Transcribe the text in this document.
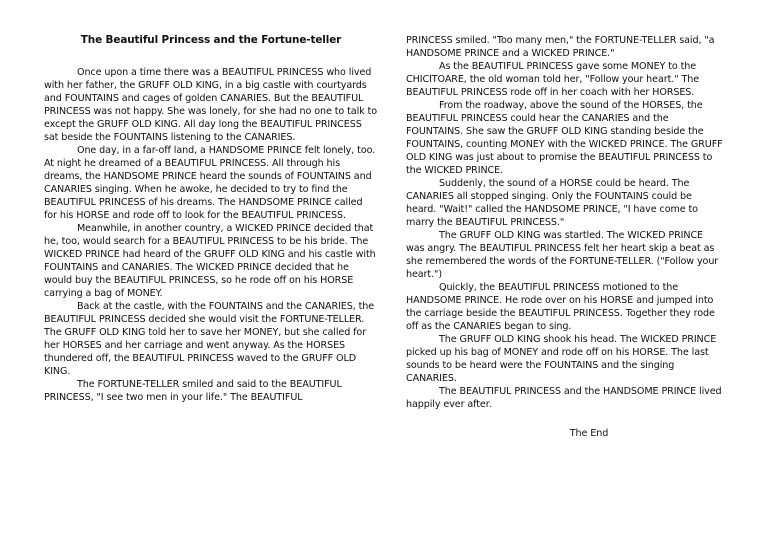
The Beautiful Princess and the Fortune-teller

Once upon a time there was a BEAUTIFUL PRINCESS who lived with her father, the GRUFF OLD KING, in a big castle with courtyards and FOUNTAINS and cages of golden CANARIES. But the BEAUTIFUL PRINCESS was not happy. She was lonely, for she had no one to talk to except the GRUFF OLD KING. All day long the BEAUTIFUL PRINCESS sat beside the FOUNTAINS listening to the CANARIES.

One day, in a far-off land, a HANDSOME PRINCE felt lonely, too. At night he dreamed of a BEAUTIFUL PRINCESS. All through his dreams, the HANDSOME PRINCE heard the sounds of FOUNTAINS and CANARIES singing. When he awoke, he decided to try to find the BEAUTIFUL PRINCESS of his dreams. The HANDSOME PRINCE called for his HORSE and rode off to look for the BEAUTIFUL PRINCESS.

Meanwhile, in another country, a WICKED PRINCE decided that he, too, would search for a BEAUTIFUL PRINCESS to be his bride. The WICKED PRINCE had heard of the GRUFF OLD KING and his castle with FOUNTAINS and CANARIES. The WICKED PRINCE decided that he would buy the BEAUTIFUL PRINCESS, so he rode off on his HORSE carrying a bag of MONEY.

Back at the castle, with the FOUNTAINS and the CANARIES, the BEAUTIFUL PRINCESS decided she would visit the FORTUNE-TELLER. The GRUFF OLD KING told her to save her MONEY, but she called for her HORSES and her carriage and went anyway. As the HORSES thundered off, the BEAUTIFUL PRINCESS waved to the GRUFF OLD KING.

The FORTUNE-TELLER smiled and said to the BEAUTIFUL PRINCESS, "I see two men in your life." The BEAUTIFUL

PRINCESS smiled. "Too many men," the FORTUNE-TELLER said, "a HANDSOME PRINCE and a WICKED PRINCE."

As the BEAUTIFUL PRINCESS gave some MONEY to the CHICITOARE, the old woman told her, "Follow your heart." The BEAUTIFUL PRINCESS rode off in her coach with her HORSES.

From the roadway, above the sound of the HORSES, the BEAUTIFUL PRINCESS could hear the CANARIES and the FOUNTAINS. She saw the GRUFF OLD KING standing beside the FOUNTAINS, counting MONEY with the WICKED PRINCE. The GRUFF OLD KING was just about to promise the BEAUTIFUL PRINCESS to the WICKED PRINCE.

Suddenly, the sound of a HORSE could be heard. The CANARIES all stopped singing. Only the FOUNTAINS could be heard. "Wait!" called the HANDSOME PRINCE, "I have come to marry the BEAUTIFUL PRINCESS."

The GRUFF OLD KING was startled. The WICKED PRINCE was angry. The BEAUTIFUL PRINCESS felt her heart skip a beat as she remembered the words of the FORTUNE-TELLER. ("Follow your heart.")

Quickly, the BEAUTIFUL PRINCESS motioned to the HANDSOME PRINCE. He rode over on his HORSE and jumped into the carriage beside the BEAUTIFUL PRINCESS. Together they rode off as the CANARIES began to sing.

The GRUFF OLD KING shook his head. The WICKED PRINCE picked up his bag of MONEY and rode off on his HORSE. The last sounds to be heard were the FOUNTAINS and the singing CANARIES.

The BEAUTIFUL PRINCESS and the HANDSOME PRINCE lived happily ever after.

The End
